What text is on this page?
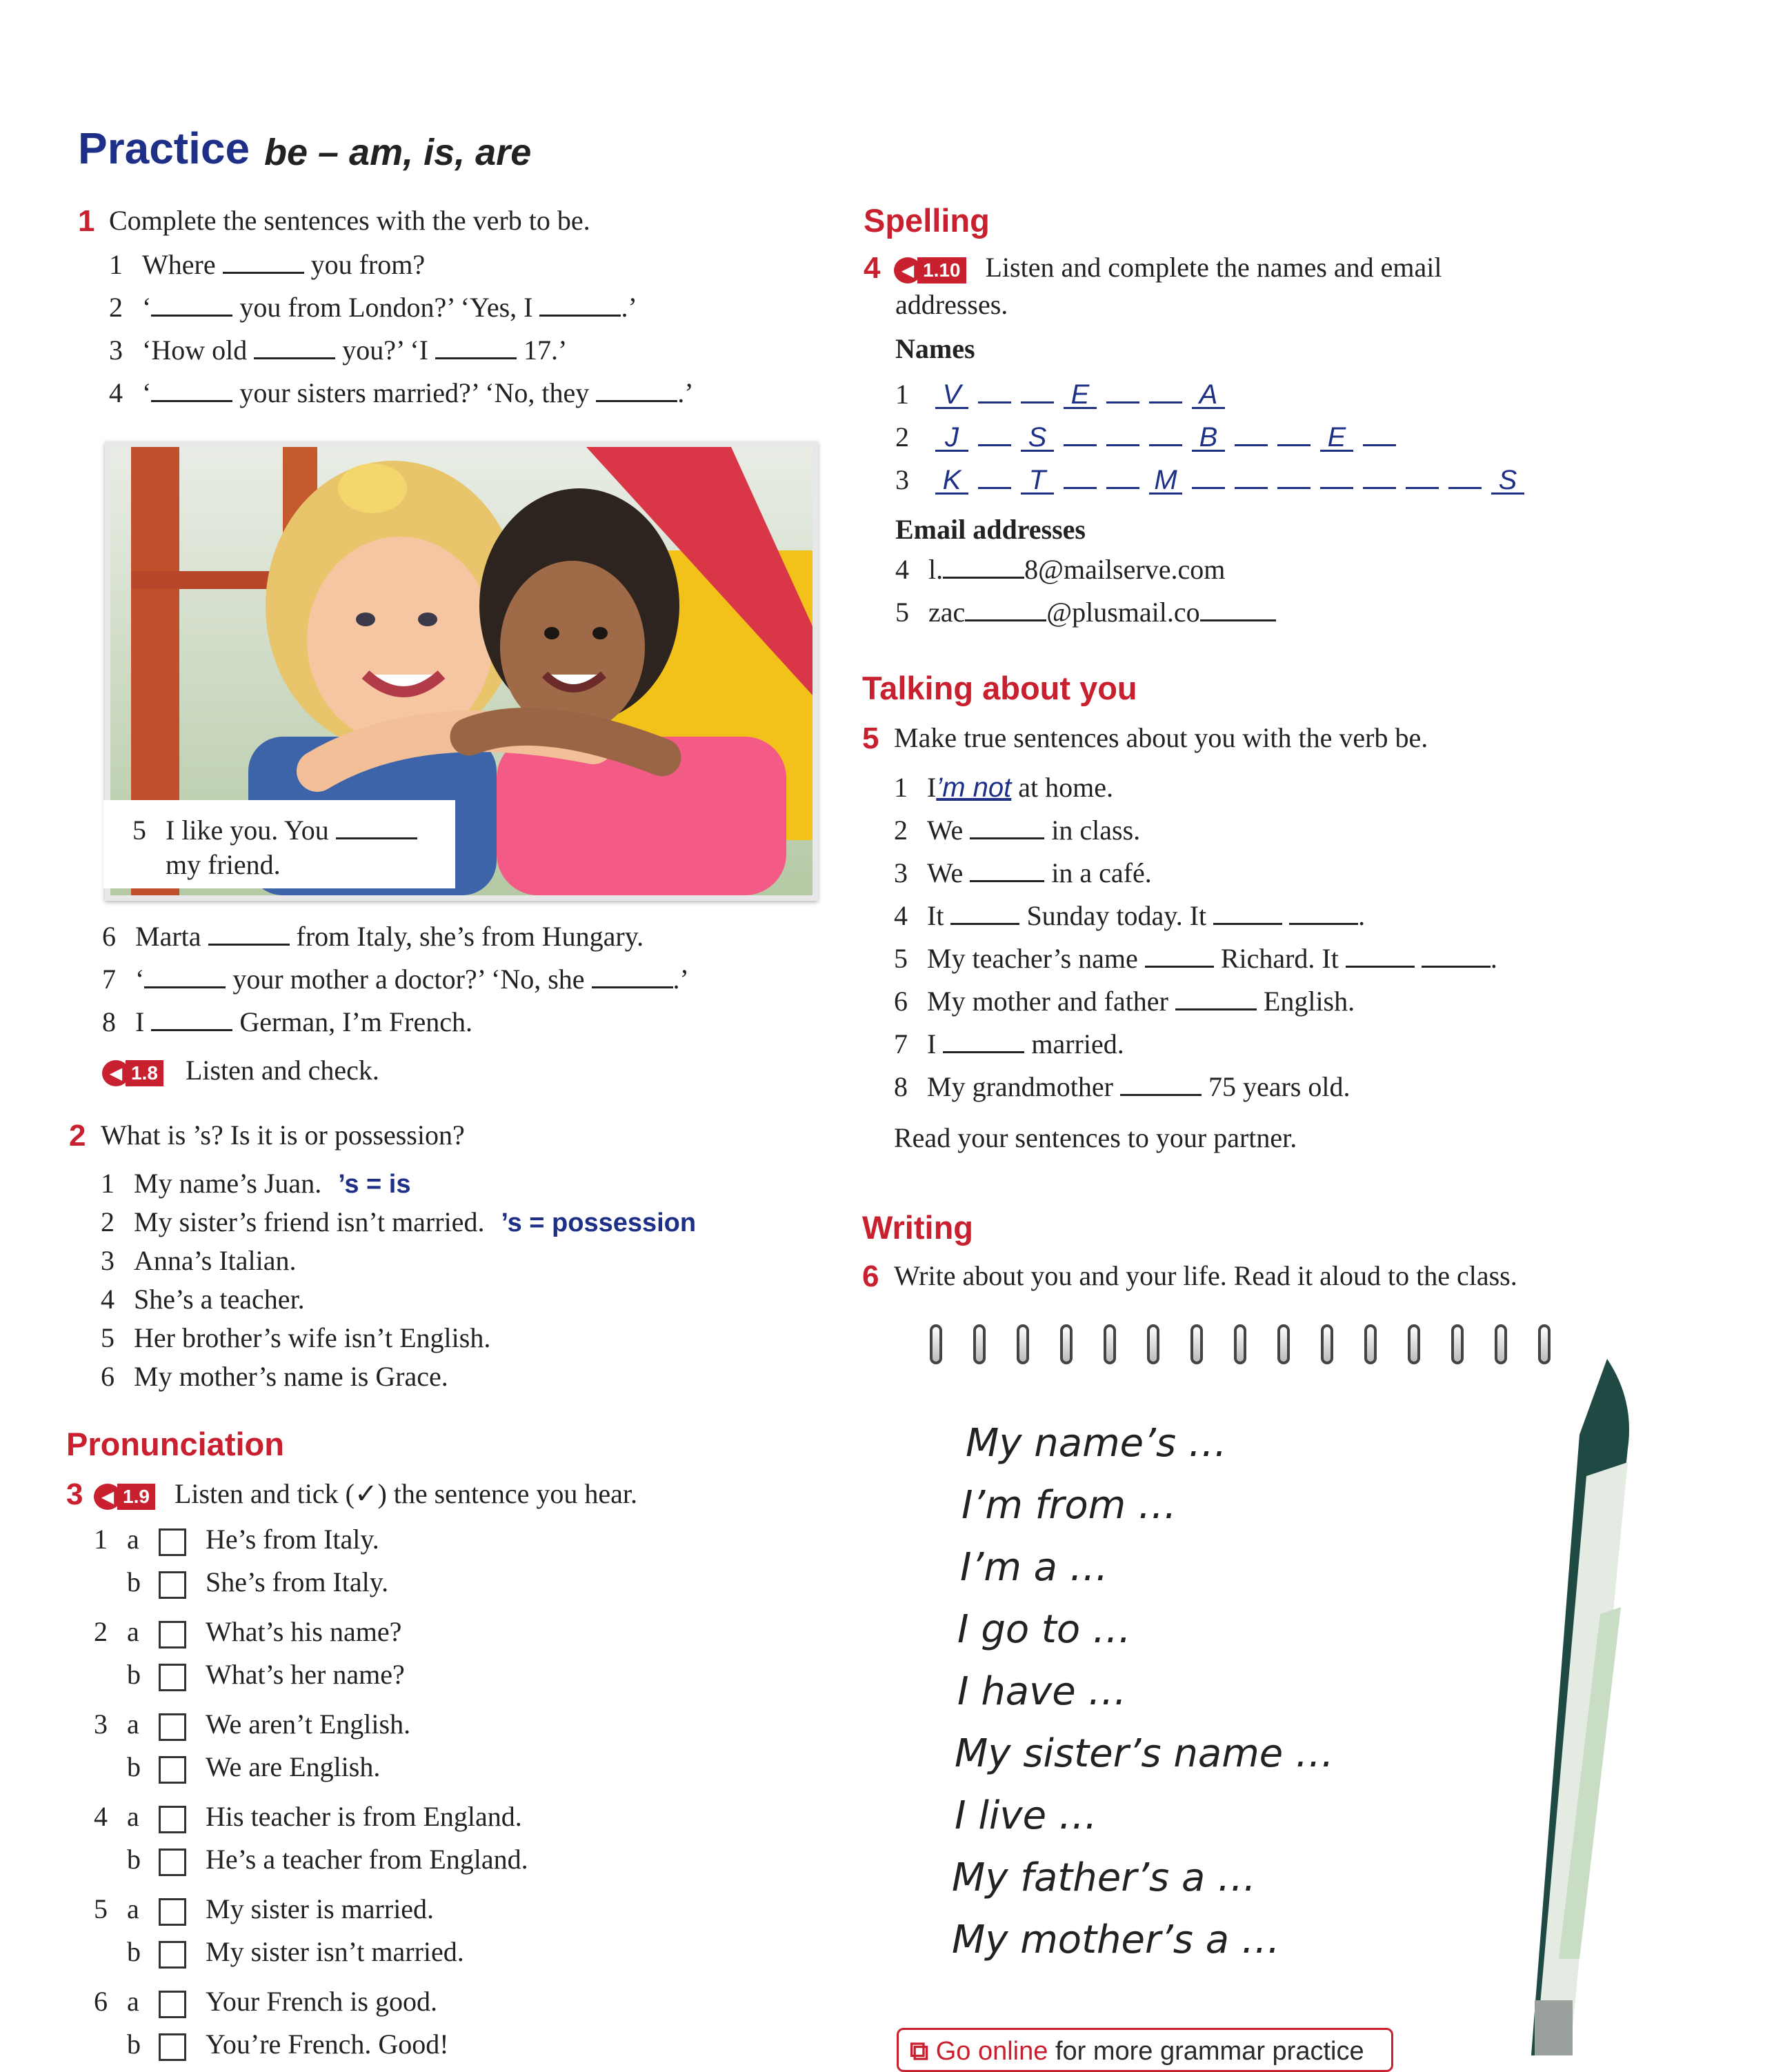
Practice be – am, is, are
1 Complete the sentences with the verb to be.
1 Where	you from?
2 ‘	you from London?’ ‘Yes, I	.’
3 ‘How old	you?’ ‘I	17.’
4 ‘	your sisters married?’ ‘No, they	.’
5 I like you. You
my friend.
6 Marta	from Italy, she’s from Hungary.
7 ‘	your mother a doctor?’ ‘No, she	.’
8 I	German, I’m French.
◀ 1.8 Listen and check.
2 What is ’s? Is it is or possession?
1 My name’s Juan. ’s = is
2 My sister’s friend isn’t married. ’s = possession
3 Anna’s Italian.
4 She’s a teacher.
5 Her brother’s wife isn’t English.
6 My mother’s name is Grace.
Pronunciation
3	◀ 1.9 Listen and tick (✓) the sentence you hear.
1 a He’s from Italy.
b She’s from Italy.
2 a What’s his name?
b What’s her name?
3 a We aren’t English.
b We are English.
4 a His teacher is from England.
b He’s a teacher from England.
5 a My sister is married.
b My sister isn’t married.
6 a Your French is good.
b You’re French. Good!
Spelling
4	◀ 1.10 Listen and complete the names and email
addresses.
Names
1 V	E	A
2 J	S	B	E
3 K T	M	S
Email addresses
4 l.	8@mailserve.com
5 zac	@plusmail.co
Talking about you
5 Make true sentences about you with the verb be.
1 I’m not at home.
2 We	in class.
3 We	in a café.
4 It	Sunday today. It	.
5 My teacher’s name	Richard. It	.
6 My mother and father	English.
7 I	married.
8 My grandmother	75 years old.
Read your sentences to your partner.
Writing
6 Write about you and your life. Read it aloud to the class.
My name’s …
I’m from …
I’m a …
I go to …
I have …
My sister’s name …
I live …
My father’s a …
My mother’s a …
⧉ Go online for more grammar practice
